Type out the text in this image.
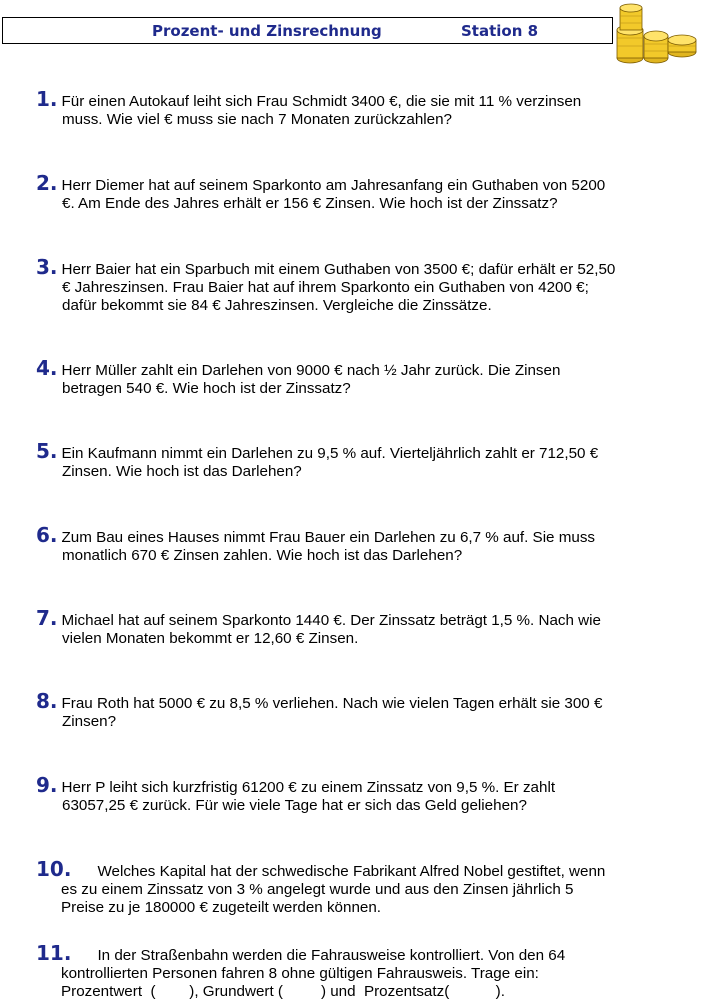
Prozent- und Zinsrechnung	Station 8
1. Für einen Autokauf leiht sich Frau Schmidt 3400 €, die sie mit 11 % verzinsen
muss. Wie viel € muss sie nach 7 Monaten zurückzahlen?
2. Herr Diemer hat auf seinem Sparkonto am Jahresanfang ein Guthaben von 5200
€. Am Ende des Jahres erhält er 156 € Zinsen. Wie hoch ist der Zinssatz?
3. Herr Baier hat ein Sparbuch mit einem Guthaben von 3500 €; dafür erhält er 52,50
€ Jahreszinsen. Frau Baier hat auf ihrem Sparkonto ein Guthaben von 4200 €;
dafür bekommt sie 84 € Jahreszinsen. Vergleiche die Zinssätze.
4. Herr Müller zahlt ein Darlehen von 9000 € nach ½ Jahr zurück. Die Zinsen
betragen 540 €. Wie hoch ist der Zinssatz?
5. Ein Kaufmann nimmt ein Darlehen zu 9,5 % auf. Vierteljährlich zahlt er 712,50 €
Zinsen. Wie hoch ist das Darlehen?
6. Zum Bau eines Hauses nimmt Frau Bauer ein Darlehen zu 6,7 % auf. Sie muss
monatlich 670 € Zinsen zahlen. Wie hoch ist das Darlehen?
7. Michael hat auf seinem Sparkonto 1440 €. Der Zinssatz beträgt 1,5 %. Nach wie
vielen Monaten bekommt er 12,60 € Zinsen.
8. Frau Roth hat 5000 € zu 8,5 % verliehen. Nach wie vielen Tagen erhält sie 300 €
Zinsen?
9. Herr P leiht sich kurzfristig 61200 € zu einem Zinssatz von 9,5 %. Er zahlt
63057,25 € zurück. Für wie viele Tage hat er sich das Geld geliehen?
10. Welches Kapital hat der schwedische Fabrikant Alfred Nobel gestiftet, wenn
es zu einem Zinssatz von 3 % angelegt wurde und aus den Zinsen jährlich 5
Preise zu je 180000 € zugeteilt werden können.
11. In der Straßenbahn werden die Fahrausweise kontrolliert. Von den 64
kontrollierten Personen fahren 8 ohne gültigen Fahrausweis. Trage ein:
Prozentwert  (        ), Grundwert (         ) und  Prozentsatz(           ).
